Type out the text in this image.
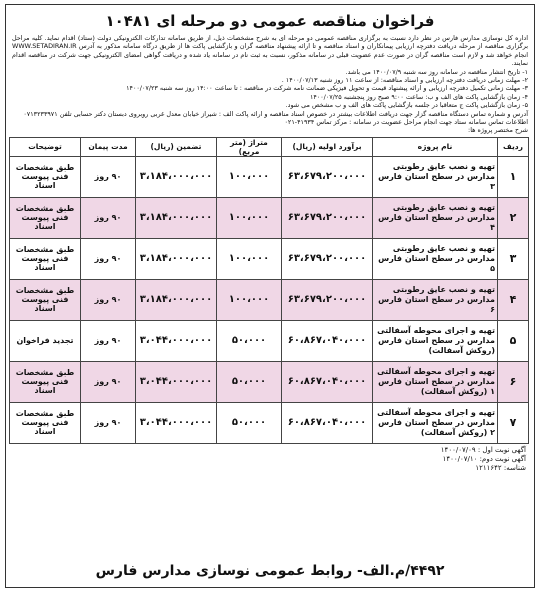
فراخوان مناقصه عمومی دو مرحله ای ۱۰۴۸۱
اداره کل نوسازی مدارس فارس در نظر دارد نسبت به برگزاری مناقصه عمومی دو مرحله ای به شرح مشخصات ذیل، از طریق سامانه تدارکات الکترونیکی دولت (ستاد) اقدام نماید. کلیه مراحل برگزاری مناقصه از مرحله دریافت دفترچه ارزیابی پیمانکاران و اسناد مناقصه و تا ارائه پیشنهاد مناقصه گران و بازگشایی پاکت ها از طریق درگاه سامانه مذکور به آدرس WWW.SETADIRAN.IR انجام خواهد شد و لازم است مناقصه گران در صورت عدم عضویت قبلی در سامانه مذکور، نسبت به ثبت نام در سامانه یاد شده و دریافت گواهی امضای الکترونیکی جهت شرکت در مناقصه اقدام نمایند.
۱- تاریخ انتشار مناقصه در سامانه روز سه شنبه ۱۴۰۰/۰۷/۹ می باشد.
۲- مهلت زمانی دریافت دفترچه ارزیابی و اسناد مناقصه: از ساعت ۱۱ روز شنبه ۱۴۰۰/۰۷/۱۳ .
۳- مهلت زمانی تکمیل دفترچه ارزیابی و ارائه پیشنهاد قیمت و تحویل فیزیکی ضمانت نامه شرکت در مناقصه : تا ساعت ۱۴:۰۰ روز سه شنبه ۱۴۰۰/۰۷/۲۳
۴- زمان بازگشایی پاکت های الف و ب: ساعت ۹:۰۰ صبح روز پنجشنبه ۱۴۰۰/۰۷/۲۵
۵- زمان بازگشایی پاکت ج متعاقبا در جلسه بازگشایی پاکت های الف و ب مشخص می شود.
آدرس و شماره تماس دستگاه مناقصه گزار جهت دریافت اطلاعات بیشتر در خصوص اسناد مناقصه و ارائه پاکت الف : شیراز خیابان معدل غربی روبروی دبستان دکتر حسابی تلفن ۰۷۱۳۲۳۳۹۷۱ اطلاعات تماس سامانه ستاد جهت انجام مراحل عضویت در سامانه : مرکز تماس ۴۱۹۳۴-۰۲۱
شرح مختصر پروژه ها:
ردیف	نام پروژه	برآورد اولیه (ریال)	متراژ (متر مربع)	تضمین (ریال)	مدت پیمان	توضیحات
۱	تهیه و نصب عایق رطوبتی مدارس در سطح استان فارس ۳	۶۳،۶۷۹،۲۰۰،۰۰۰	۱۰۰،۰۰۰	۳،۱۸۴،۰۰۰،۰۰۰	۹۰ روز	طبق مشخصات فنی پیوست اسناد
۲	تهیه و نصب عایق رطوبتی مدارس در سطح استان فارس ۴	۶۳،۶۷۹،۲۰۰،۰۰۰	۱۰۰،۰۰۰	۳،۱۸۴،۰۰۰،۰۰۰	۹۰ روز	طبق مشخصات فنی پیوست اسناد
۳	تهیه و نصب عایق رطوبتی مدارس در سطح استان فارس ۵	۶۳،۶۷۹،۲۰۰،۰۰۰	۱۰۰،۰۰۰	۳،۱۸۴،۰۰۰،۰۰۰	۹۰ روز	طبق مشخصات فنی پیوست اسناد
۴	تهیه و نصب عایق رطوبتی مدارس در سطح استان فارس ۶	۶۳،۶۷۹،۲۰۰،۰۰۰	۱۰۰،۰۰۰	۳،۱۸۴،۰۰۰،۰۰۰	۹۰ روز	طبق مشخصات فنی پیوست اسناد
۵	تهیه و اجرای محوطه آسفالتی مدارس در سطح استان فارس (روکش آسفالت)	۶۰،۸۶۷،۰۴۰،۰۰۰	۵۰،۰۰۰	۳،۰۴۴،۰۰۰،۰۰۰	۹۰ روز	تجدید فراخوان
۶	تهیه و اجرای محوطه آسفالتی مدارس در سطح استان فارس ۱ (روکش آسفالت)	۶۰،۸۶۷،۰۴۰،۰۰۰	۵۰،۰۰۰	۳،۰۴۴،۰۰۰،۰۰۰	۹۰ روز	طبق مشخصات فنی پیوست اسناد
۷	تهیه و اجرای محوطه آسفالتی مدارس در سطح استان فارس ۲ (روکش آسفالت)	۶۰،۸۶۷،۰۴۰،۰۰۰	۵۰،۰۰۰	۳،۰۴۴،۰۰۰،۰۰۰	۹۰ روز	طبق مشخصات فنی پیوست اسناد
آگهی نوبت اول : ۱۴۰۰/۰۷/۰۹
آگهی نوبت دوم: ۱۴۰۰/۰۷/۱۰
شناسه: ۱۲۱۱۶۴۲
۴۴۹۲/م.الف- روابط عمومی نوسازی مدارس فارس
